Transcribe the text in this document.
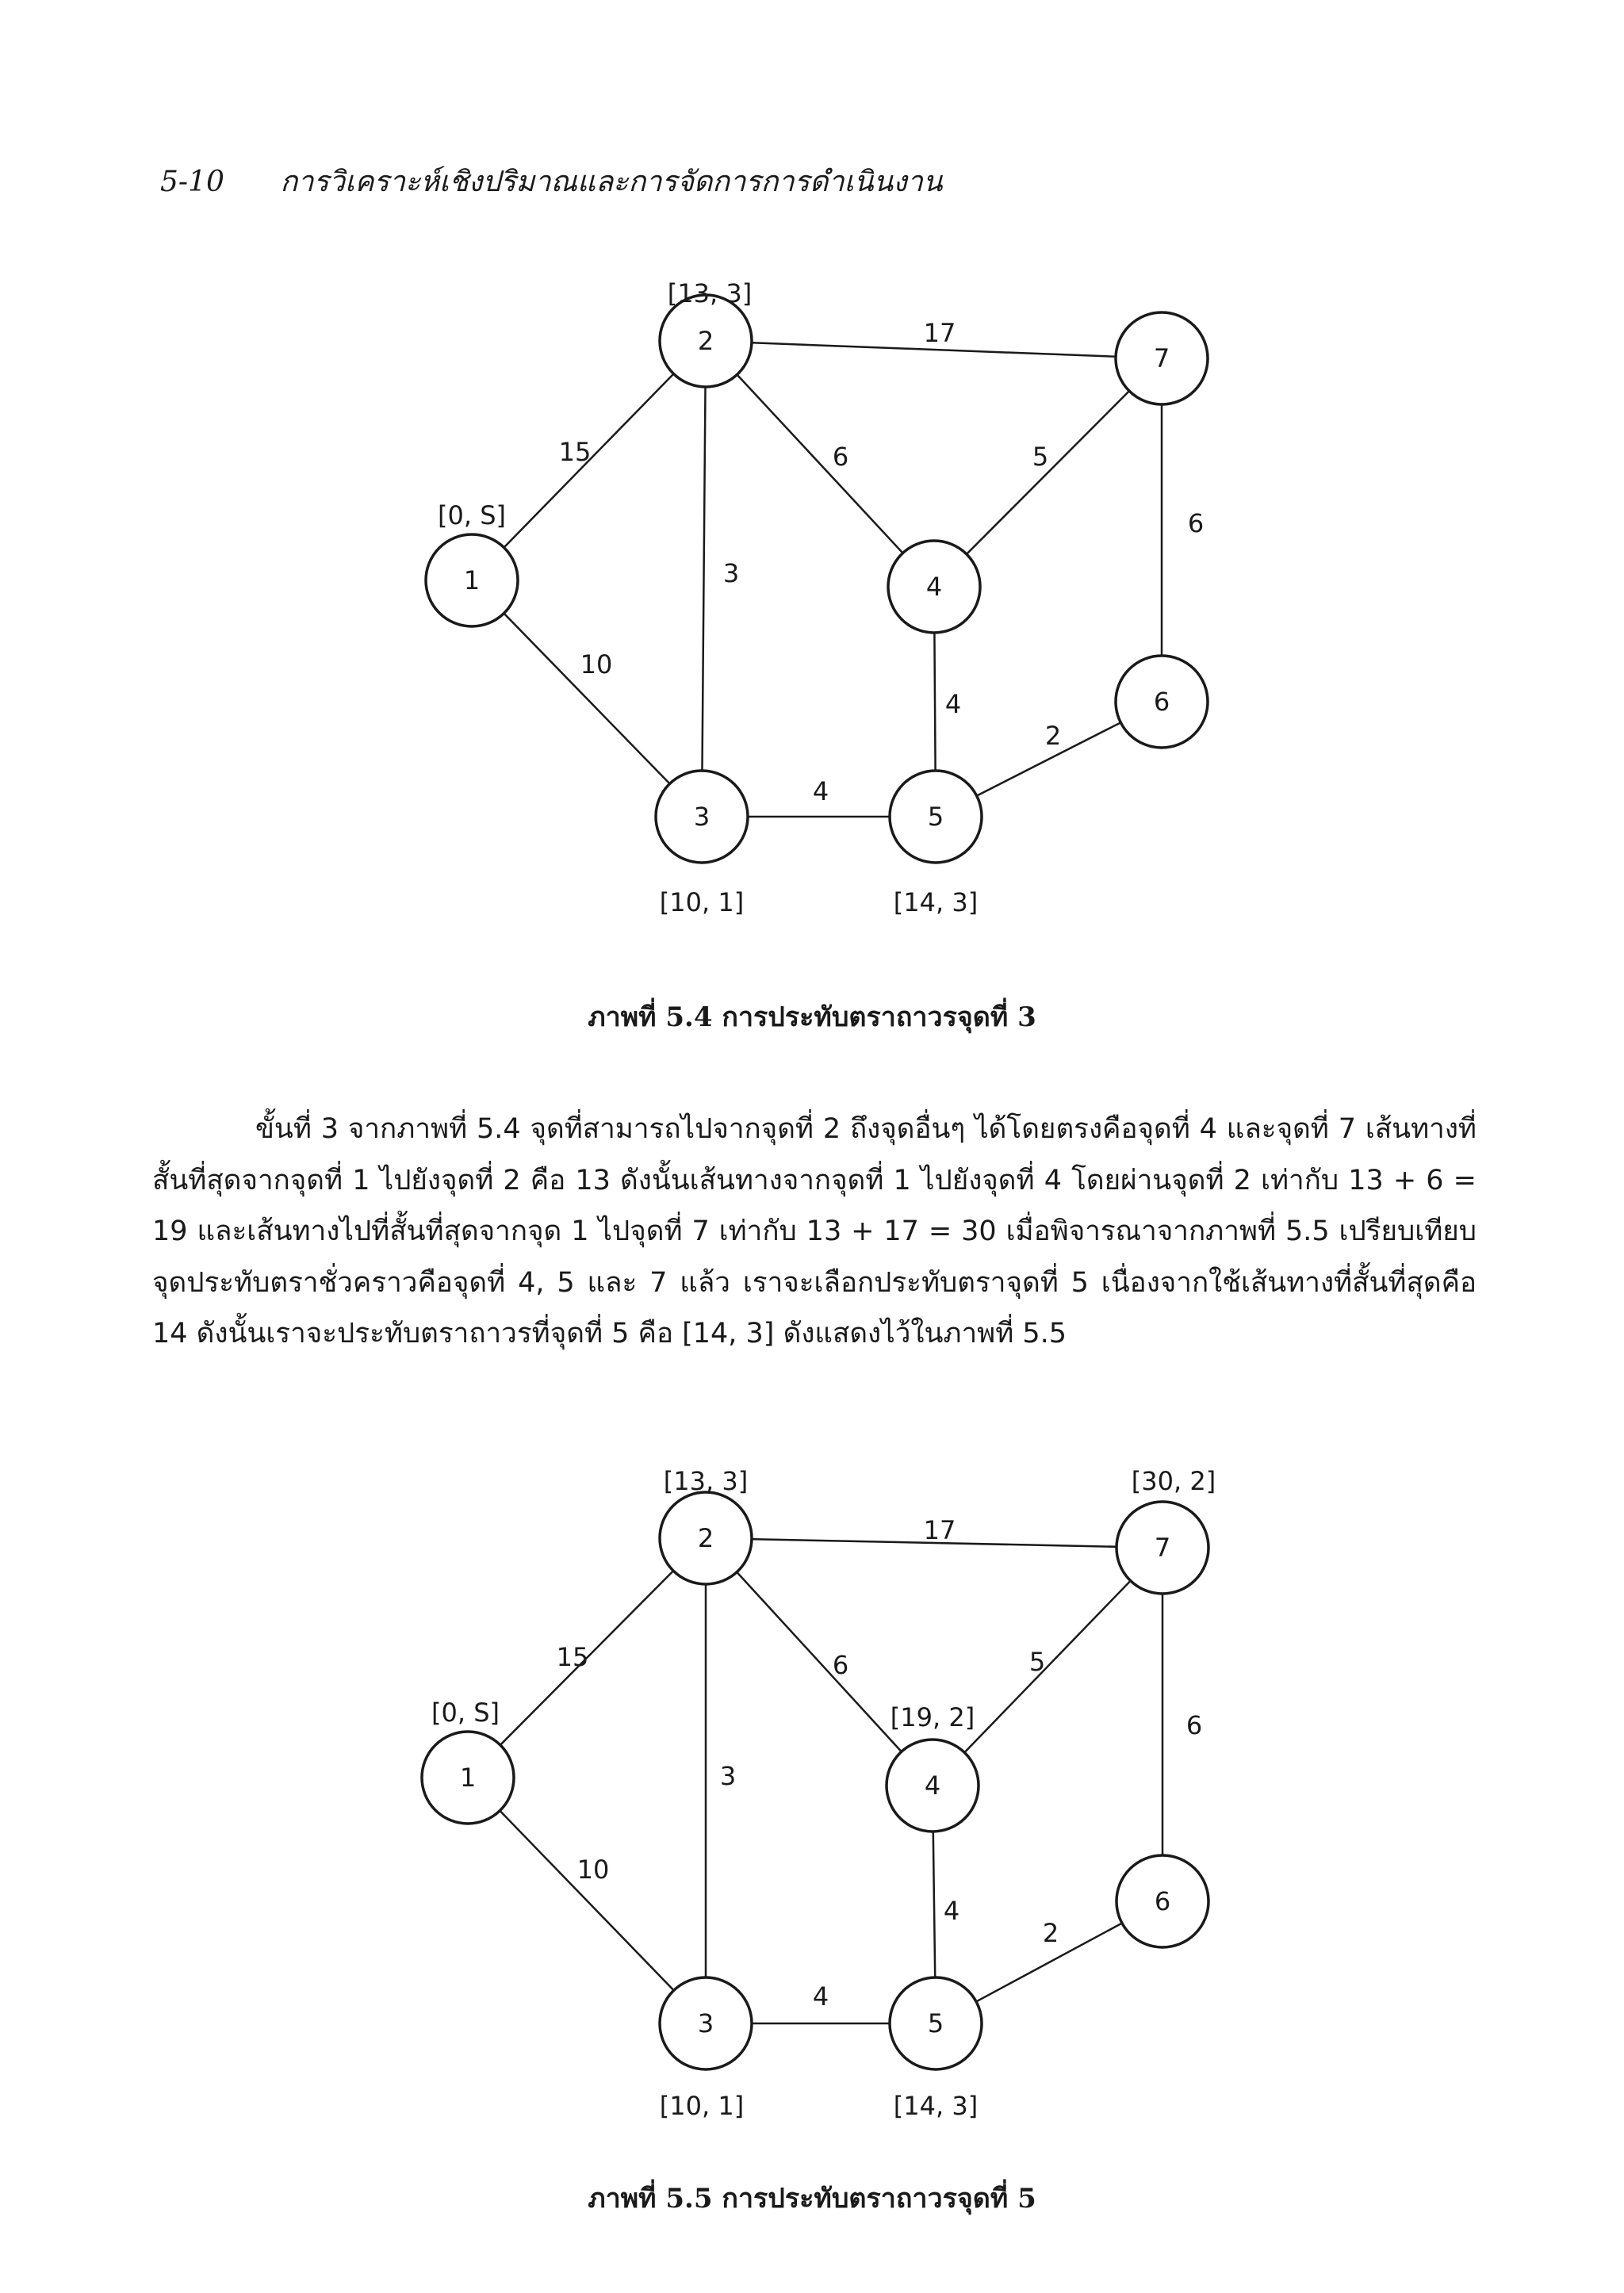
5-10 การวิเคราะห์เชิงปริมาณและการจัดการการดำเนินงาน
15
10
3
6
17
5
4
4
2
6
1
[0, S]
2
[13, 3]
3
[10, 1]
4
5
[14, 3]
6
7
ภาพที่ 5.4 การประทับตราถาวรจุดที่ 3
ขั้นที่ 3 จากภาพที่ 5.4 จุดที่สามารถไปจากจุดที่ 2 ถึงจุดอื่นๆ ได้โดยตรงคือจุดที่ 4 และจุดที่ 7 เส้นทางที่สั้นที่สุดจากจุดที่ 1 ไปยังจุดที่ 2 คือ 13 ดังนั้นเส้นทางจากจุดที่ 1 ไปยังจุดที่ 4 โดยผ่านจุดที่ 2 เท่ากับ 13 + 6 = 19 และเส้นทางไปที่สั้นที่สุดจากจุด 1 ไปจุดที่ 7 เท่ากับ 13 + 17 = 30 เมื่อพิจารณาจากภาพที่ 5.5 เปรียบเทียบจุดประทับตราชั่วคราวคือจุดที่ 4, 5 และ 7 แล้ว เราจะเลือกประทับตราจุดที่ 5 เนื่องจากใช้เส้นทางที่สั้นที่สุดคือ 14 ดังนั้นเราจะประทับตราถาวรที่จุดที่ 5 คือ [14, 3] ดังแสดงไว้ในภาพที่ 5.5
15
10
3
6
17
5
4
4
2
6
1
[0, S]
2
[13, 3]
3
[10, 1]
4
[19, 2]
5
[14, 3]
6
7
[30, 2]
ภาพที่ 5.5 การประทับตราถาวรจุดที่ 5
